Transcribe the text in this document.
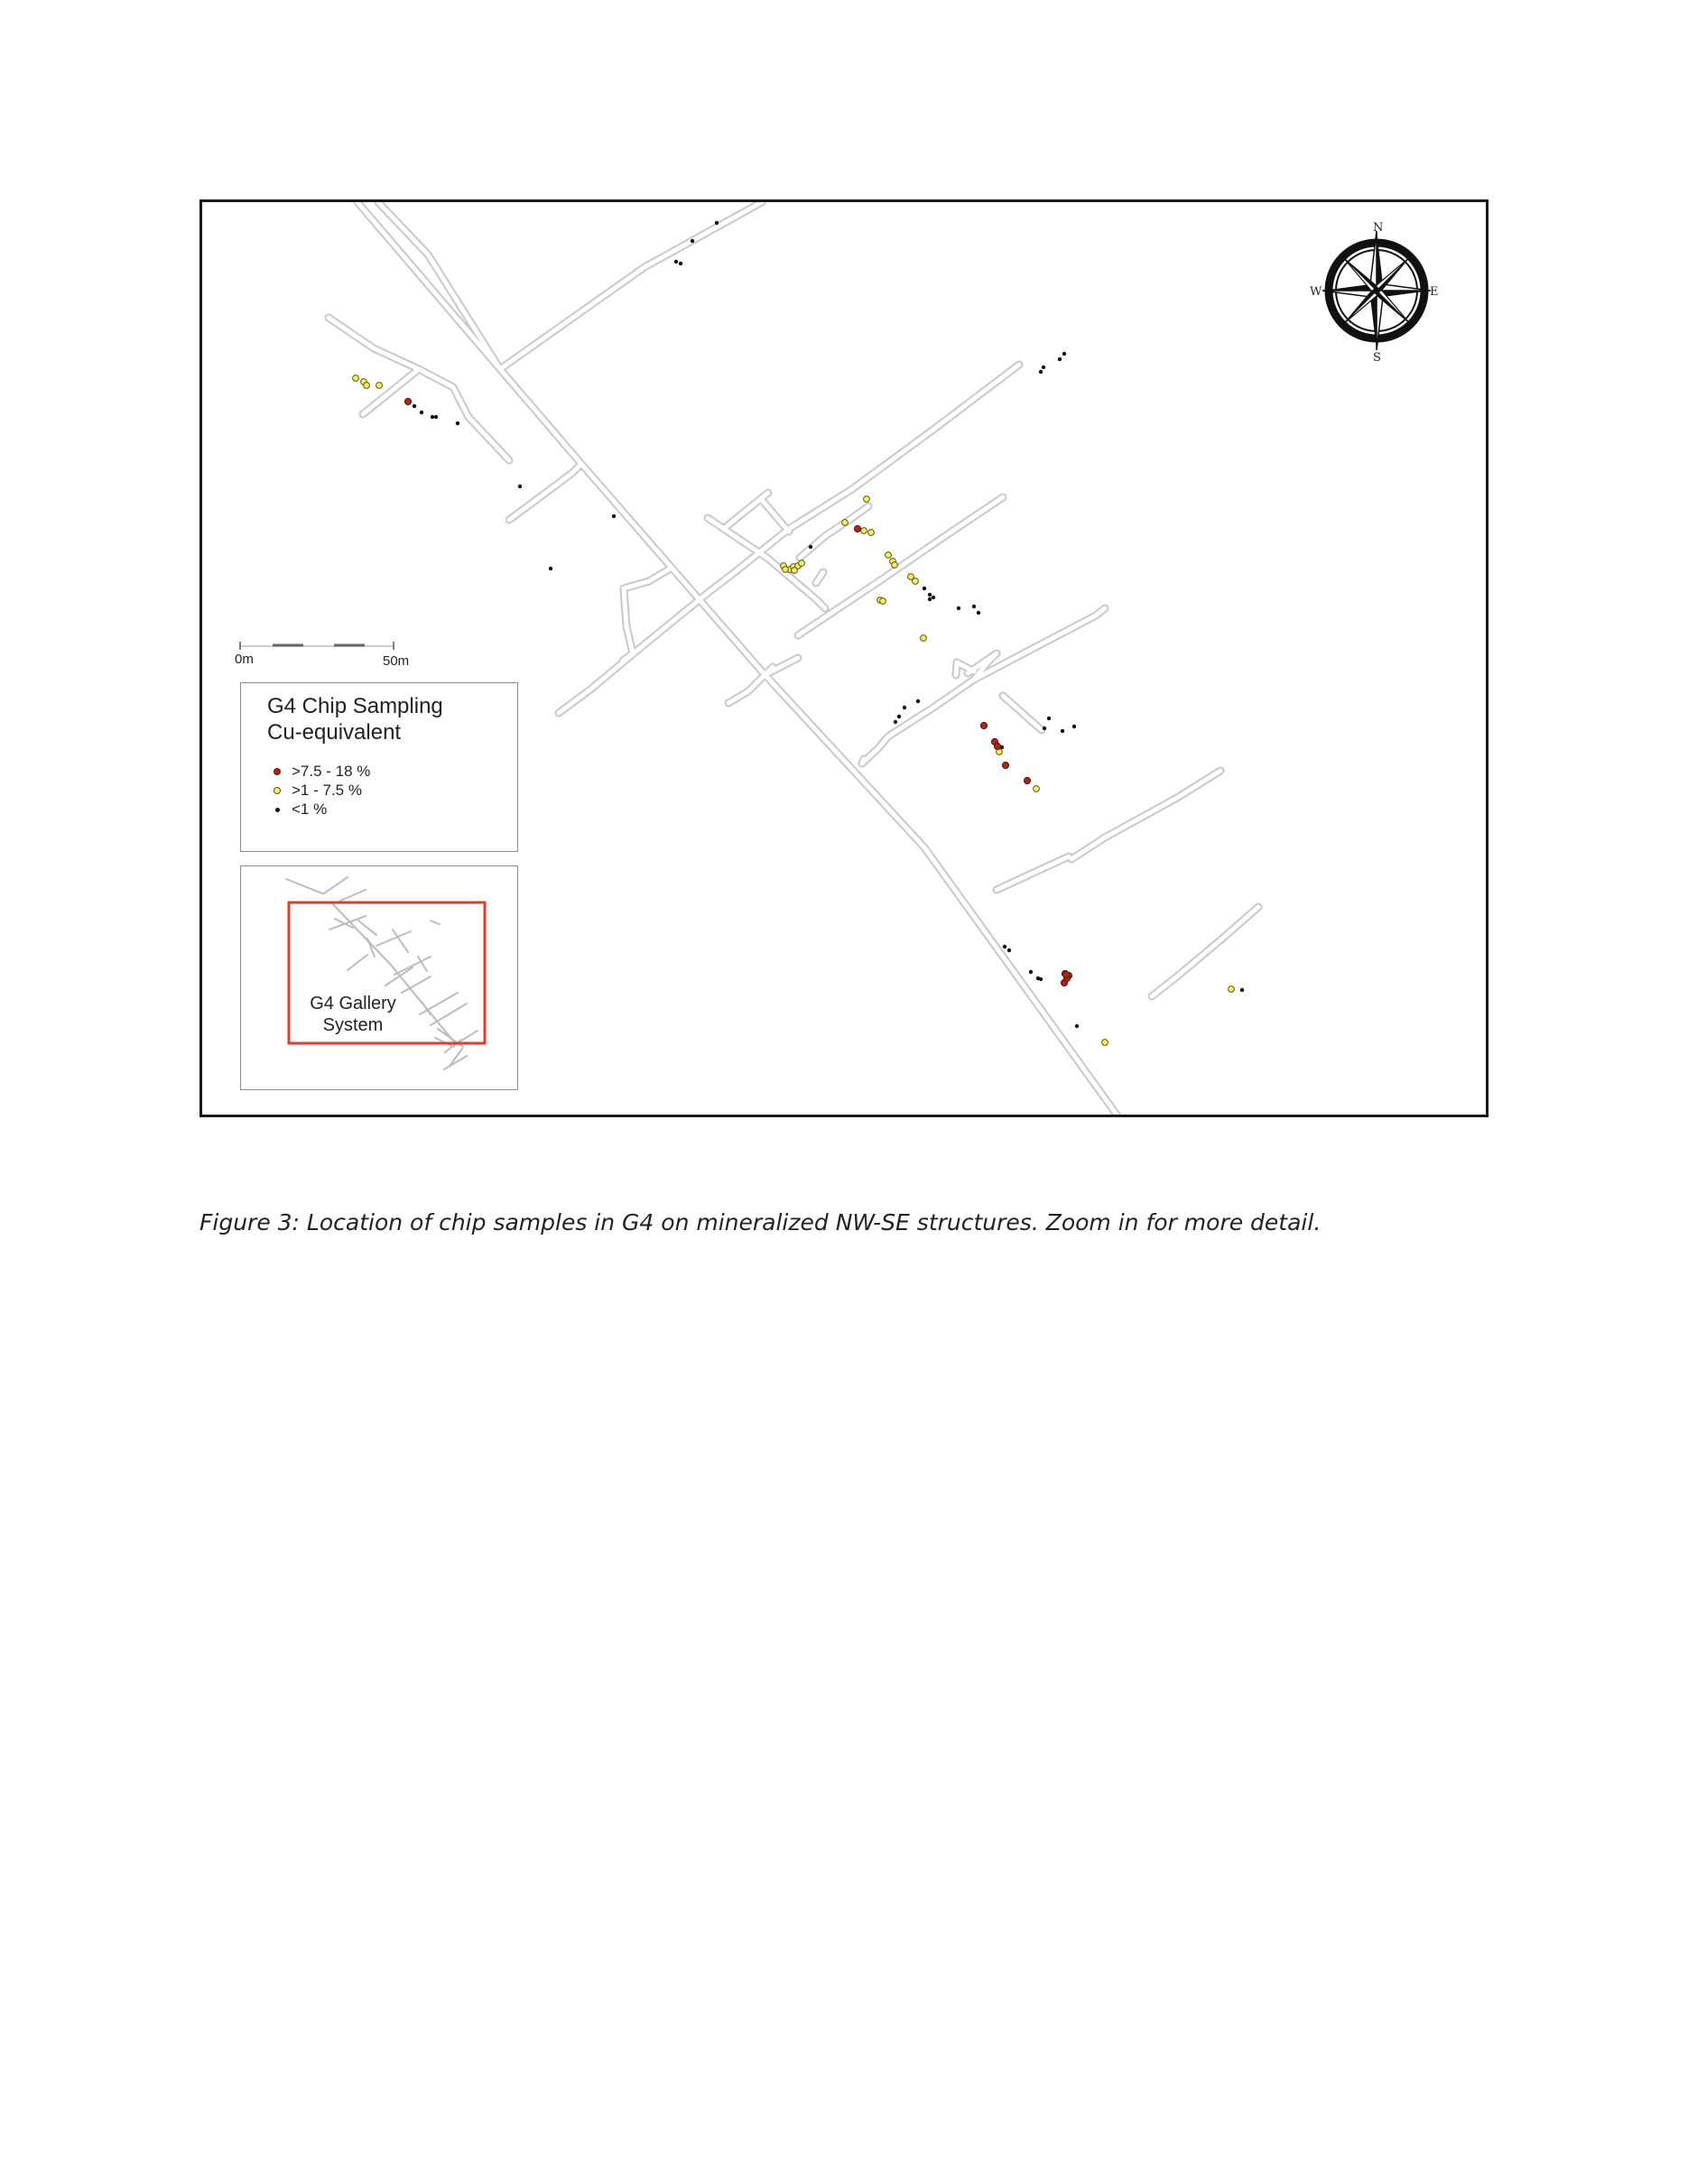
0m	50m
N
S
E
W
G4 Chip Sampling
Cu-equivalent
>7.5 - 18 %
>1 - 7.5 %
<1 %
G4 Gallery
System

Figure 3: Location of chip samples in G4 on mineralized NW-SE structures. Zoom in for more detail.
